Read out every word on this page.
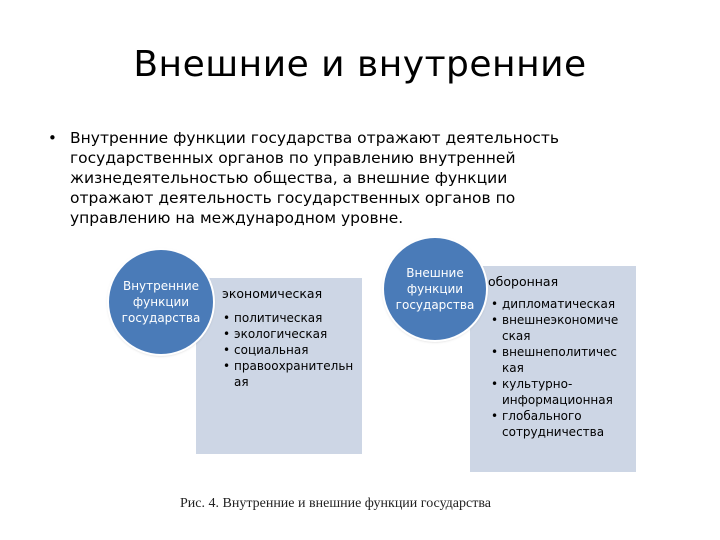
Внешние и внутренние
• Внутренние функции государства отражают деятельность государственных органов по управлению внутренней жизнедеятельностью общества, а внешние функции отражают деятельность государственных органов по управлению на международном уровне.
экономическая
• политическая
• экологическая
• социальная
• правоохранительн ая
Внутренние
функции
государства
оборонная
• дипломатическая
• внешнеэкономиче ская
• внешнеполитичес кая
• культурно-информационная
• глобального сотрудничества
Внешние
функции
государства
Рис. 4. Внутренние и внешние функции государства
